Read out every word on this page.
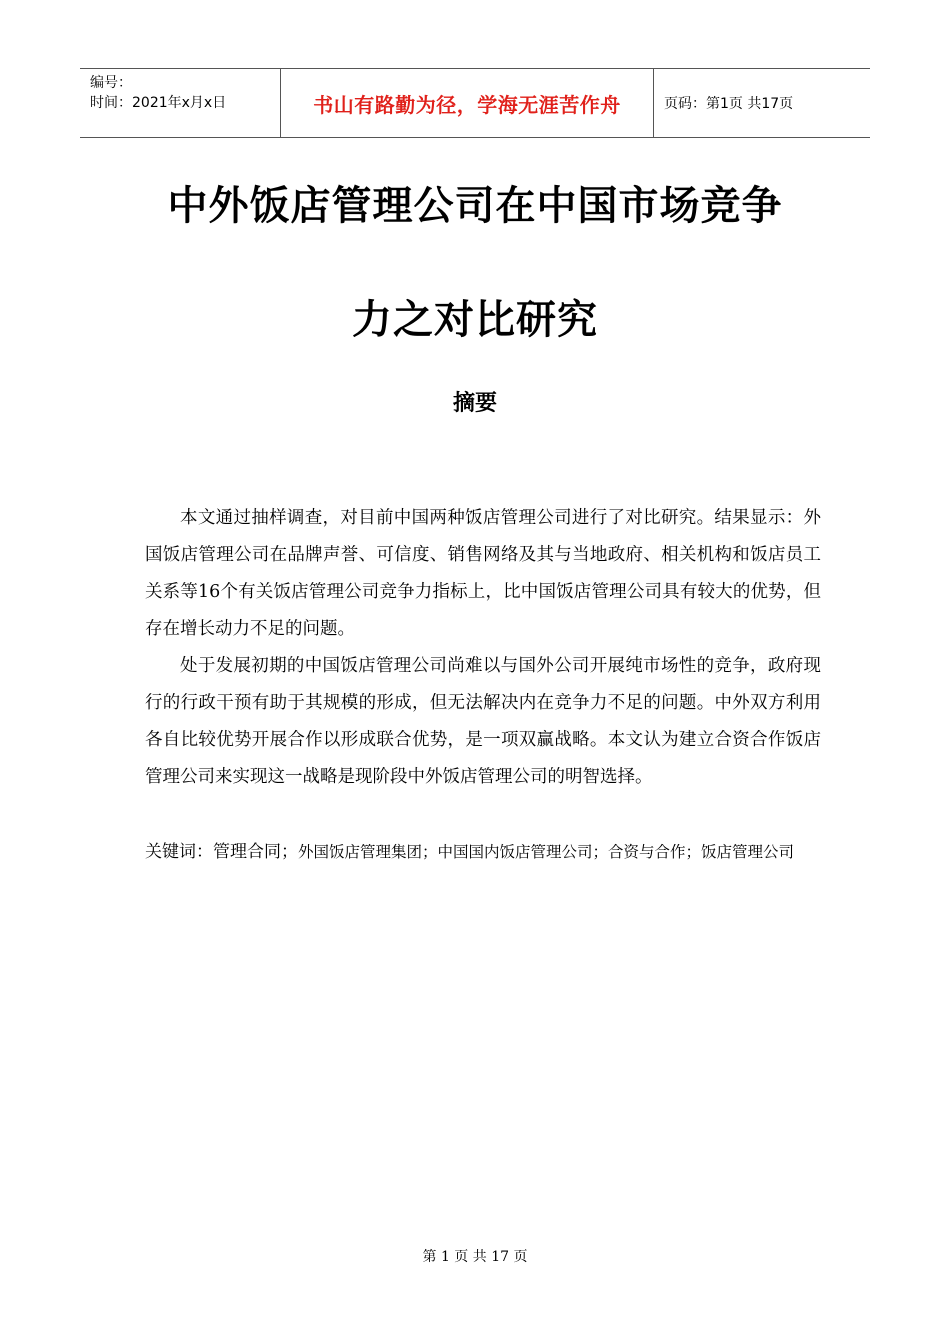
编号：
时间：2021年x月x日	书山有路勤为径，学海无涯苦作舟	页码：第1页 共17页
中外饭店管理公司在中国市场竞争
力之对比研究
摘要

本文通过抽样调查，对目前中国两种饭店管理公司进行了对比研究。结果显示：外国饭店管理公司在品牌声誉、可信度、销售网络及其与当地政府、相关机构和饭店员工关系等16个有关饭店管理公司竞争力指标上，比中国饭店管理公司具有较大的优势，但存在增长动力不足的问题。

处于发展初期的中国饭店管理公司尚难以与国外公司开展纯市场性的竞争，政府现行的行政干预有助于其规模的形成，但无法解决内在竞争力不足的问题。中外双方利用各自比较优势开展合作以形成联合优势，是一项双赢战略。本文认为建立合资合作饭店管理公司来实现这一战略是现阶段中外饭店管理公司的明智选择。

关键词：管理合同；外国饭店管理集团；中国国内饭店管理公司；合资与合作；饭店管理公司
第 1 页 共 17 页
